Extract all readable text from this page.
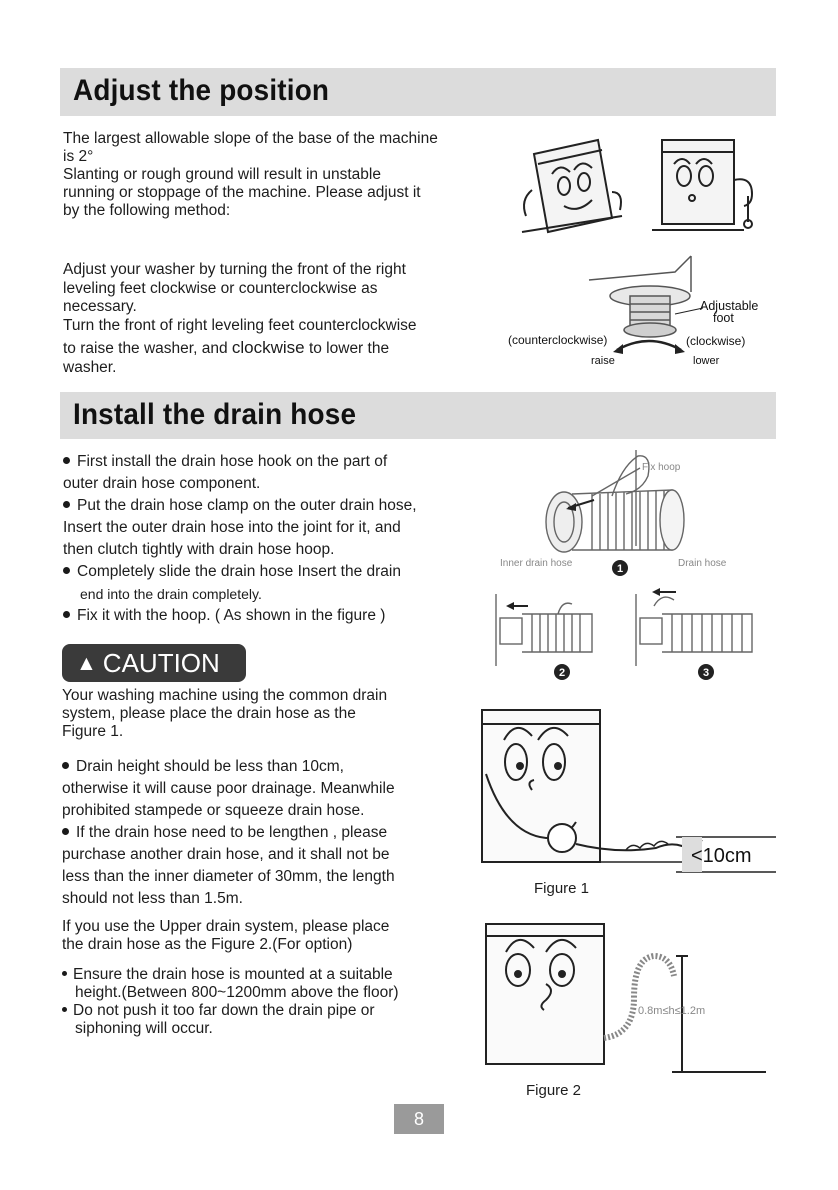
Adjust the position

The largest allowable slope of the base of the machine

is 2°

Slanting or rough ground will result in unstable

running or stoppage of the machine. Please adjust it

by the following method:

Adjust your washer by turning the front of the right

leveling feet clockwise or counterclockwise as

necessary.

Turn the front of right leveling feet counterclockwise

to raise the washer, and clockwise to lower the

washer.

Adjustable
foot
(counterclockwise)	(clockwise)
raise	lower
Install the drain hose
First install the drain hose hook on the part of
outer drain hose component.
Put the drain hose clamp on the outer drain hose,
Insert the outer drain hose into the joint for it, and
then clutch tightly with drain hose hoop.
Completely slide the drain hose Insert the drain
end into the drain completely.
Fix it with the hoop. ( As shown in the figure )
Fix hoop
Inner drain hose	Drain hose
1
2	3
▲ CAUTION

Your washing machine using the common drain

system, please place the drain hose as the

Figure 1.

Drain height should be less than 10cm,
otherwise it will cause poor drainage. Meanwhile
prohibited stampede or squeeze drain hose.
If the drain hose need to be lengthen , please
purchase another drain hose, and it shall not be
less than the inner diameter of 30mm, the length
should not less than 1.5m.

If you use the Upper drain system, please place

the drain hose as the Figure 2.(For option)

Ensure the drain hose is mounted at a suitable

height.(Between 800~1200mm above the floor)

Do not push it too far down the drain pipe or

siphoning will occur.

<10cm
Figure 1
0.8m≤h≤1.2m
Figure 2
8
